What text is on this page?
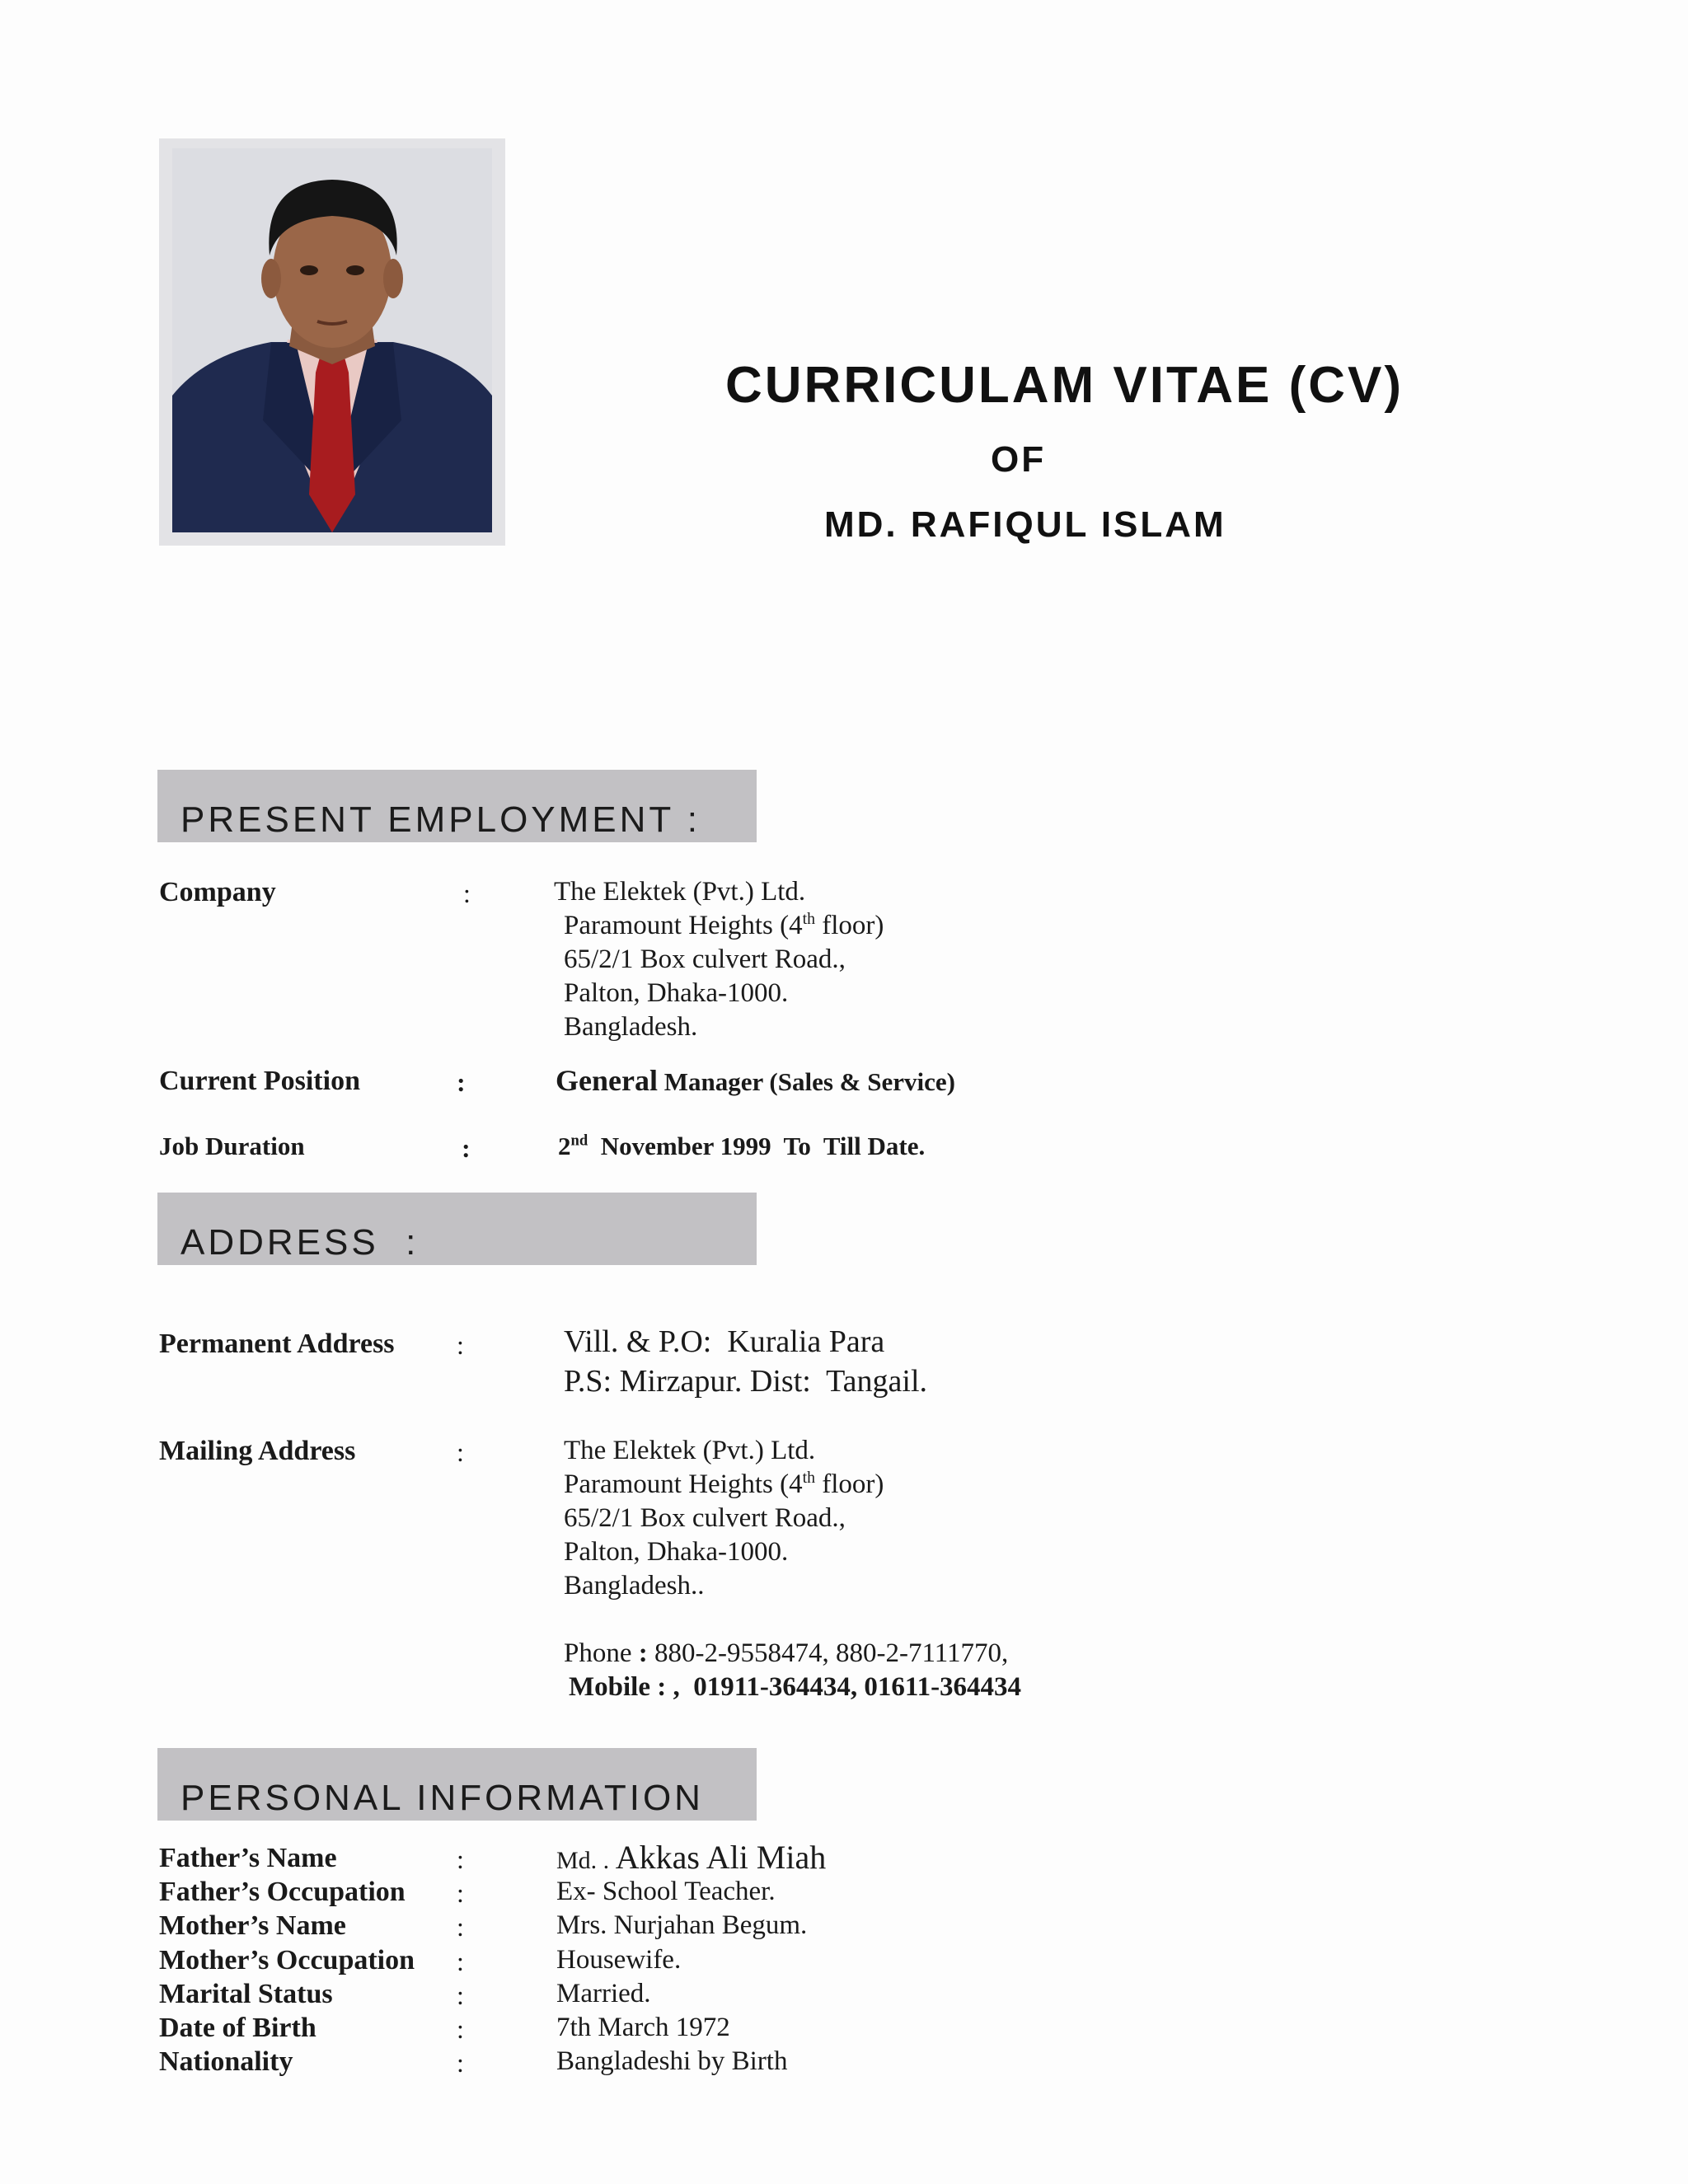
CURRICULAM VITAE (CV)
OF
MD. RAFIQUL ISLAM
PRESENT EMPLOYMENT :
Company	:	The Elektek (Pvt.) Ltd.
Paramount Heights (4th floor)
65/2/1 Box culvert Road.,
Palton, Dhaka-1000.
Bangladesh.
Current Position	:	General Manager (Sales & Service)
Job Duration	:	2nd  November 1999  To  Till Date.
ADDRESS  :
Permanent Address :	Vill. & P.O:  Kuralia Para
P.S: Mirzapur. Dist:  Tangail.
Mailing Address	:	The Elektek (Pvt.) Ltd.
Paramount Heights (4th floor)
65/2/1 Box culvert Road.,
Palton, Dhaka-1000.
Bangladesh..
Phone : 880-2-9558474, 880-2-7111770,
Mobile : ,  01911-364434, 01611-364434
PERSONAL INFORMATION
Father’s Name	:	Md. . Akkas Ali Miah
Father’s Occupation :	Ex- School Teacher.
Mother’s Name	:	Mrs. Nurjahan Begum.
Mother’s Occupation :	Housewife.
Marital Status	:	Married.
Date of Birth	:	7th March 1972
Nationality	:	Bangladeshi by Birth
